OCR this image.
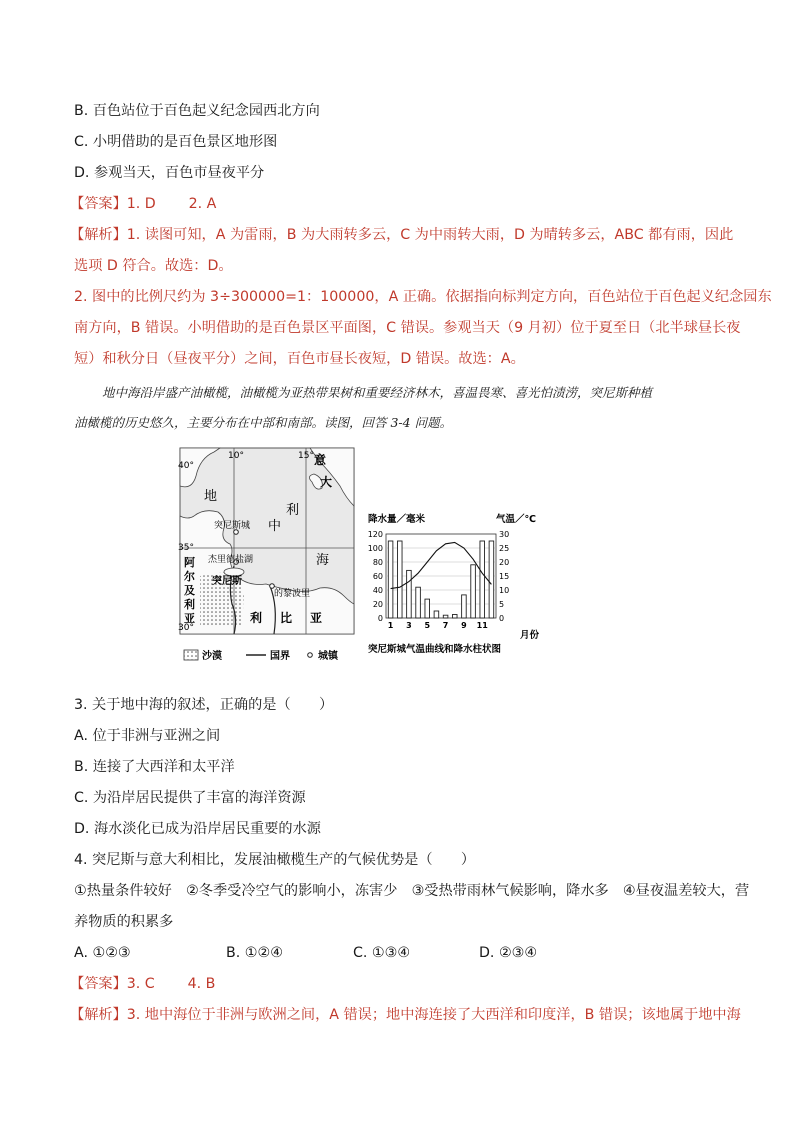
B. 百色站位于百色起义纪念园西北方向
C. 小明借助的是百色景区地形图
D. 参观当天，百色市昼夜平分
【答案】1. D　　 2. A
【解析】1. 读图可知，A 为雷雨，B 为大雨转多云，C 为中雨转大雨，D 为晴转多云，ABC 都有雨，因此
选项 D 符合。故选：D。
2. 图中的比例尺约为 3÷300000=1：100000，A 正确。依据指向标判定方向，百色站位于百色起义纪念园东
南方向，B 错误。小明借助的是百色景区平面图，C 错误。参观当天（9 月初）位于夏至日（北半球昼长夜
短）和秋分日（昼夜平分）之间，百色市昼长夜短，D 错误。故选：A。
地中海沿岸盛产油橄榄，油橄榄为亚热带果树和重要经济林木，喜温畏寒、喜光怕渍涝，突尼斯种植
油橄榄的历史悠久，主要分布在中部和南部。读图，回答 3-4 问题。
10°	15°
40°
35°
30°
地
中
海
利
意
大
突尼斯城
杰里德盐湖
突尼斯
的黎波里
利 比 亚
阿
尔
及
利
亚
沙漠	国界	城镇
降水量／毫米	气温／℃
突尼斯城气温曲线和降水柱状图
月份
120	30
100	25
80	20
60	15
40	10
20	5
0	0
1 3 5 7 9 11
3. 关于地中海的叙述，正确的是（　　）
A. 位于非洲与亚洲之间
B. 连接了大西洋和太平洋
C. 为沿岸居民提供了丰富的海洋资源
D. 海水淡化已成为沿岸居民重要的水源
4. 突尼斯与意大利相比，发展油橄榄生产的气候优势是（　　）
①热量条件较好　②冬季受冷空气的影响小，冻害少　③受热带雨林气候影响，降水多　④昼夜温差较大，营
养物质的积累多
A. ①②③	B. ①②④	C. ①③④	D. ②③④
【答案】3. C　　 4. B
【解析】3. 地中海位于非洲与欧洲之间，A 错误；地中海连接了大西洋和印度洋，B 错误；该地属于地中海
